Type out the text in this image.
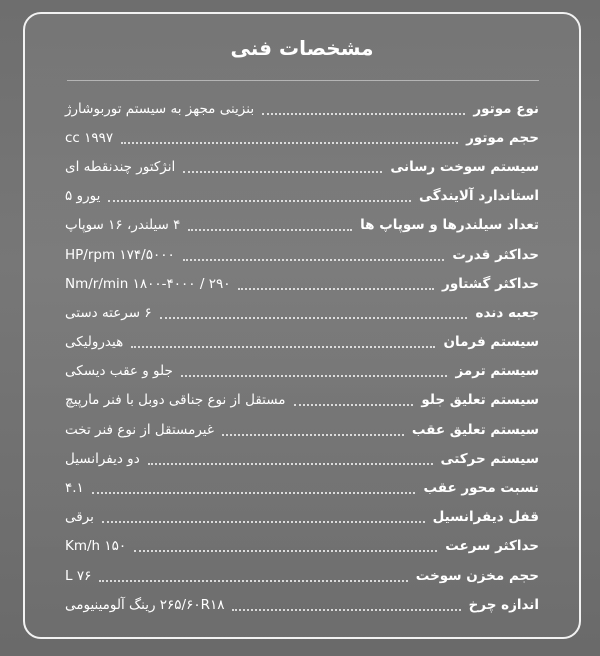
مشخصات فنی
نوع موتور
بنزینی مجهز به سیستم توربوشارژ
حجم موتور
۱۹۹۷ cc
سیستم سوخت رسانی
انژکتور چندنقطه ای
استاندارد آلایندگی
یورو ۵
تعداد سیلندرها و سوپاپ ها
۴ سیلندر، ۱۶ سوپاپ
حداکثر قدرت
۱۷۴/۵۰۰۰ HP/rpm
حداکثر گشتاور
۲۹۰ / ۱۸۰۰-۴۰۰۰ Nm/r/min
جعبه دنده
۶ سرعته دستی
سیستم فرمان
هیدرولیکی
سیستم ترمز
جلو و عقب دیسکی
سیستم تعلیق جلو
مستقل از نوع جناقی دوبل با فنر مارپیچ
سیستم تعلیق عقب
غیرمستقل از نوع فنر تخت
سیستم حرکتی
دو دیفرانسیل
نسبت محور عقب
۴.۱
قفل دیفرانسیل
برقی
حداکثر سرعت
۱۵۰ Km/h
حجم مخزن سوخت
۷۶ L
اندازه چرخ
۲۶۵/۶۰R۱۸ رینگ آلومینیومی
